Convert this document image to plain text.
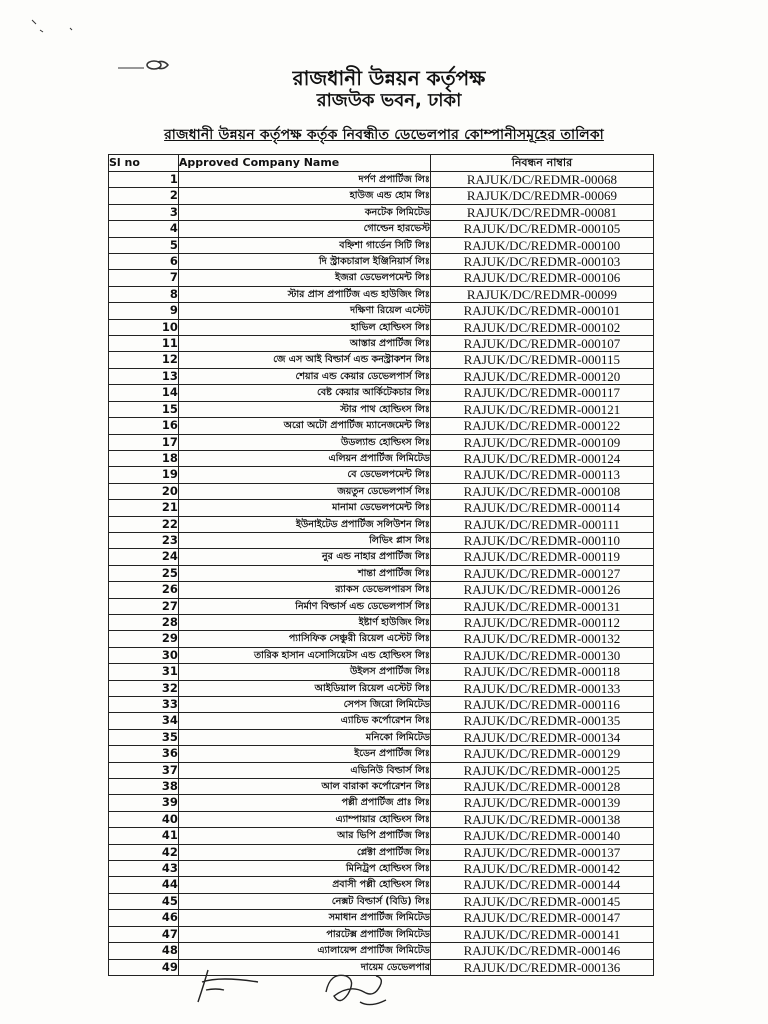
রাজধানী উন্নয়ন কর্তৃপক্ষ
রাজউক ভবন, ঢাকা
রাজধানী উন্নয়ন কর্তৃপক্ষ কর্তৃক নিবন্ধীত ডেভেলপার কোম্পানীসমূহের তালিকা
Sl no	Approved Company Name	নিবন্ধন নাম্বার
1	দর্পণ প্রপার্টিজ লিঃ	RAJUK/DC/REDMR-00068
2	হাউজ এন্ড হোম লিঃ	RAJUK/DC/REDMR-00069
3	কনটেক লিমিটেড	RAJUK/DC/REDMR-00081
4	গোল্ডেন হারভেস্ট	RAJUK/DC/REDMR-000105
5	বহ্নিশা গার্ডেন সিটি লিঃ	RAJUK/DC/REDMR-000100
6	দি স্ট্রাকচারাল ইঞ্জিনিয়ার্স লিঃ	RAJUK/DC/REDMR-000103
7	ইজরা ডেভেলপমেন্ট লিঃ	RAJUK/DC/REDMR-000106
8	স্টার প্রাস প্রপার্টিজ এন্ড হাউজিং লিঃ	RAJUK/DC/REDMR-00099
9	দক্ষিণা রিয়েল এস্টেট	RAJUK/DC/REDMR-000101
10	হাভিল হোল্ডিংস লিঃ	RAJUK/DC/REDMR-000102
11	আস্তার প্রপার্টিজ লিঃ	RAJUK/DC/REDMR-000107
12	জে এস আই বিল্ডার্স এন্ড কনস্ট্রাকশন লিঃ	RAJUK/DC/REDMR-000115
13	শেয়ার এন্ড কেয়ার ডেভেলপার্স লিঃ	RAJUK/DC/REDMR-000120
14	বেষ্ট কেয়ার আর্কিটেকচার লিঃ	RAJUK/DC/REDMR-000117
15	স্টার পাথ হোল্ডিংস লিঃ	RAJUK/DC/REDMR-000121
16	অরো অটো প্রপার্টিজ ম্যানেজমেন্ট লিঃ	RAJUK/DC/REDMR-000122
17	উডল্যান্ড হোল্ডিংস লিঃ	RAJUK/DC/REDMR-000109
18	এলিয়ন প্রপার্টিজ লিমিটেড	RAJUK/DC/REDMR-000124
19	বে ডেভেলপমেন্ট লিঃ	RAJUK/DC/REDMR-000113
20	জয়তুন ডেভেলপার্স লিঃ	RAJUK/DC/REDMR-000108
21	মানামা ডেভেলপমেন্ট লিঃ	RAJUK/DC/REDMR-000114
22	ইউনাইটেড প্রপার্টিজ সলিউশন লিঃ	RAJUK/DC/REDMR-000111
23	লিভিং প্লাস লিঃ	RAJUK/DC/REDMR-000110
24	নুর এন্ড নাহার প্রপার্টিজ লিঃ	RAJUK/DC/REDMR-000119
25	শান্তা প্রপার্টিজ লিঃ	RAJUK/DC/REDMR-000127
26	র‍্যাকস ডেভেলপারস লিঃ	RAJUK/DC/REDMR-000126
27	নির্মাণ বিল্ডার্স এন্ড ডেভেলপার্স লিঃ	RAJUK/DC/REDMR-000131
28	ইষ্টার্ণ হাউজিং লিঃ	RAJUK/DC/REDMR-000112
29	প্যাসিফিক সেঞ্চুরী রিয়েল এস্টেট লিঃ	RAJUK/DC/REDMR-000132
30	তারিক হাসান এসোসিয়েটস এন্ড হোল্ডিংস লিঃ	RAJUK/DC/REDMR-000130
31	উইলস প্রপার্টিজ লিঃ	RAJUK/DC/REDMR-000118
32	আইডিয়াল রিয়েল এস্টেট লিঃ	RAJUK/DC/REDMR-000133
33	সেপস জিরো লিমিটেড	RAJUK/DC/REDMR-000116
34	এ্যাচিভ কর্পোরেশন লিঃ	RAJUK/DC/REDMR-000135
35	মনিকো লিমিটেড	RAJUK/DC/REDMR-000134
36	ইডেন প্রপার্টিজ লিঃ	RAJUK/DC/REDMR-000129
37	এভিনিউ বিল্ডার্স লিঃ	RAJUK/DC/REDMR-000125
38	আল বারাকা কর্পোরেশন লিঃ	RAJUK/DC/REDMR-000128
39	পল্লী প্রপার্টিজ প্রাঃ লিঃ	RAJUK/DC/REDMR-000139
40	এ্যাম্পায়ার হোল্ডিংস লিঃ	RAJUK/DC/REDMR-000138
41	আর ভিপি প্রপার্টিজ লিঃ	RAJUK/DC/REDMR-000140
42	প্লেক্টা প্রপার্টিজ লিঃ	RAJUK/DC/REDMR-000137
43	মিনিট্রপ হোল্ডিংস লিঃ	RAJUK/DC/REDMR-000142
44	প্রবাসী পল্লী হোল্ডিংস লিঃ	RAJUK/DC/REDMR-000144
45	নেক্সট বিল্ডার্স (বিডি) লিঃ	RAJUK/DC/REDMR-000145
46	সমাধান প্রপার্টিজ লিমিটেড	RAJUK/DC/REDMR-000147
47	পারটেক্স প্রপার্টিজ লিমিটেড	RAJUK/DC/REDMR-000141
48	এ্যালায়েন্স প্রপার্টিজ লিমিটেড	RAJUK/DC/REDMR-000146
49	দায়েম ডেভেলপার	RAJUK/DC/REDMR-000136
